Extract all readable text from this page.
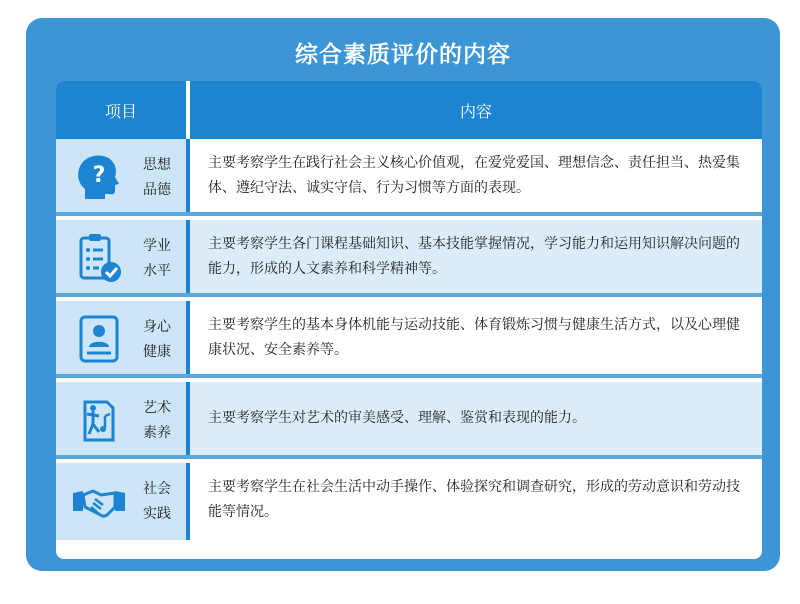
综合素质评价的内容
项目	内容
?	思想
品德
主要考察学生在践行社会主义核心价值观，在爱党爱国、理想信念、责任担当、热爱集体、遵纪守法、诚实守信、行为习惯等方面的表现。
学业
水平
主要考察学生各门课程基础知识、基本技能掌握情况，学习能力和运用知识解决问题的能力，形成的人文素养和科学精神等。
身心
健康
主要考察学生的基本身体机能与运动技能、体育锻炼习惯与健康生活方式，以及心理健康状况、安全素养等。
艺术
素养
主要考察学生对艺术的审美感受、理解、鉴赏和表现的能力。
社会
实践
主要考察学生在社会生活中动手操作、体验探究和调查研究，形成的劳动意识和劳动技能等情况。
